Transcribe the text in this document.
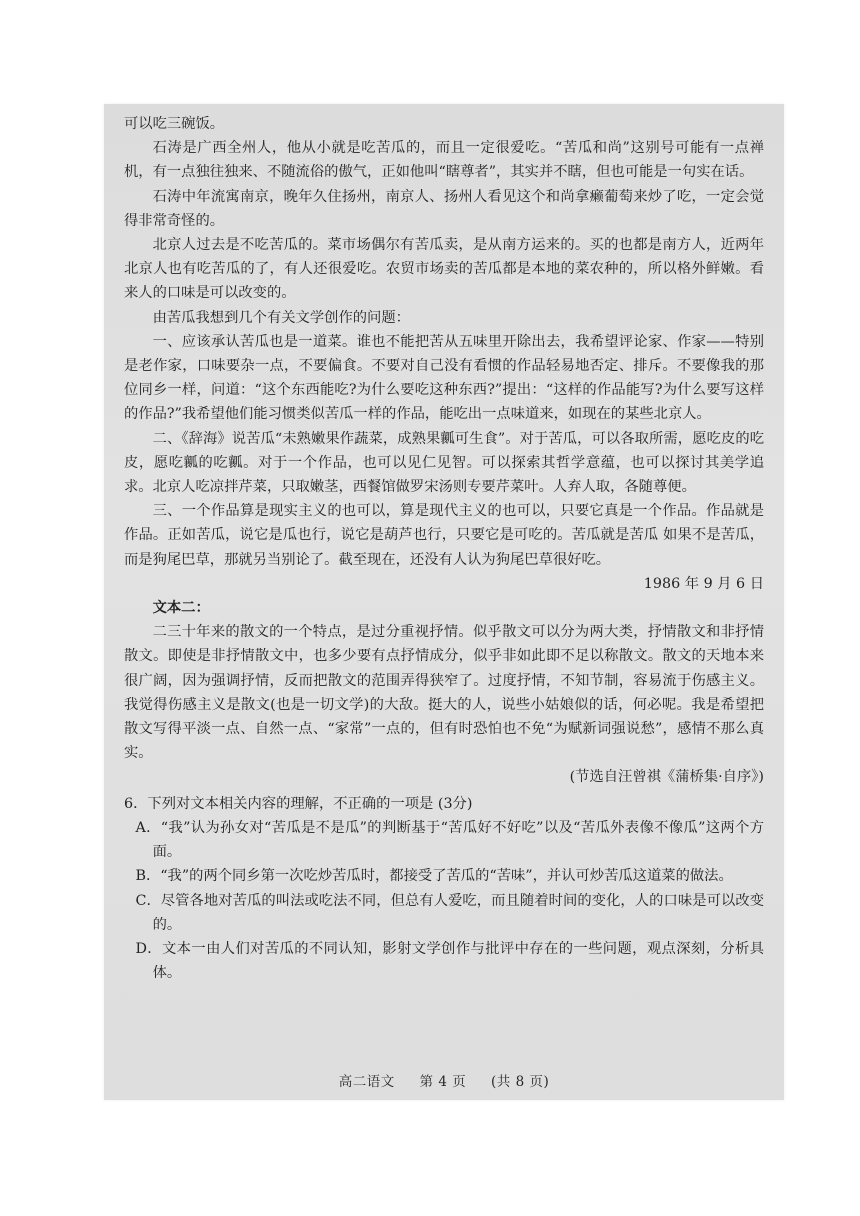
可以吃三碗饭。

石涛是广西全州人，他从小就是吃苦瓜的，而且一定很爱吃。“苦瓜和尚”这别号可能有一点禅机，有一点独往独来、不随流俗的傲气，正如他叫“瞎尊者”，其实并不瞎，但也可能是一句实在话。

石涛中年流寓南京，晚年久住扬州，南京人、扬州人看见这个和尚拿癞葡萄来炒了吃，一定会觉得非常奇怪的。

北京人过去是不吃苦瓜的。菜市场偶尔有苦瓜卖，是从南方运来的。买的也都是南方人，近两年北京人也有吃苦瓜的了，有人还很爱吃。农贸市场卖的苦瓜都是本地的菜农种的，所以格外鲜嫩。看来人的口味是可以改变的。

由苦瓜我想到几个有关文学创作的问题：

一、应该承认苦瓜也是一道菜。谁也不能把苦从五味里开除出去，我希望评论家、作家——特别是老作家，口味要杂一点，不要偏食。不要对自己没有看惯的作品轻易地否定、排斥。不要像我的那位同乡一样，问道：“这个东西能吃?为什么要吃这种东西?”提出：“这样的作品能写?为什么要写这样的作品?”我希望他们能习惯类似苦瓜一样的作品，能吃出一点味道来，如现在的某些北京人。

二、《辞海》说苦瓜“未熟嫩果作蔬菜，成熟果瓤可生食”。对于苦瓜，可以各取所需，愿吃皮的吃皮，愿吃瓤的吃瓤。对于一个作品，也可以见仁见智。可以探索其哲学意蕴，也可以探讨其美学追求。北京人吃凉拌芹菜，只取嫩茎，西餐馆做罗宋汤则专要芹菜叶。人弃人取，各随尊便。

三、一个作品算是现实主义的也可以，算是现代主义的也可以，只要它真是一个作品。作品就是作品。正如苦瓜，说它是瓜也行，说它是葫芦也行，只要它是可吃的。苦瓜就是苦瓜 如果不是苦瓜，而是狗尾巴草，那就另当别论了。截至现在，还没有人认为狗尾巴草很好吃。

1986 年 9 月 6 日

文本二：

二三十年来的散文的一个特点，是过分重视抒情。似乎散文可以分为两大类，抒情散文和非抒情散文。即使是非抒情散文中，也多少要有点抒情成分，似乎非如此即不足以称散文。散文的天地本来很广阔，因为强调抒情，反而把散文的范围弄得狭窄了。过度抒情，不知节制，容易流于伤感主义。我觉得伤感主义是散文(也是一切文学)的大敌。挺大的人，说些小姑娘似的话，何必呢。我是希望把散文写得平淡一点、自然一点、“家常”一点的，但有时恐怕也不免“为赋新词强说愁”，感情不那么真实。

(节选自汪曾祺《蒲桥集·自序》)

6．下列对文本相关内容的理解，不正确的一项是 (3分)

A．“我”认为孙女对“苦瓜是不是瓜”的判断基于“苦瓜好不好吃”以及“苦瓜外表像不像瓜”这两个方面。

B．“我”的两个同乡第一次吃炒苦瓜时，都接受了苦瓜的“苦味”，并认可炒苦瓜这道菜的做法。

C．尽管各地对苦瓜的叫法或吃法不同，但总有人爱吃，而且随着时间的变化，人的口味是可以改变的。

D．文本一由人们对苦瓜的不同认知，影射文学创作与批评中存在的一些问题，观点深刻，分析具体。

高二语文 第 4 页 (共 8 页)
